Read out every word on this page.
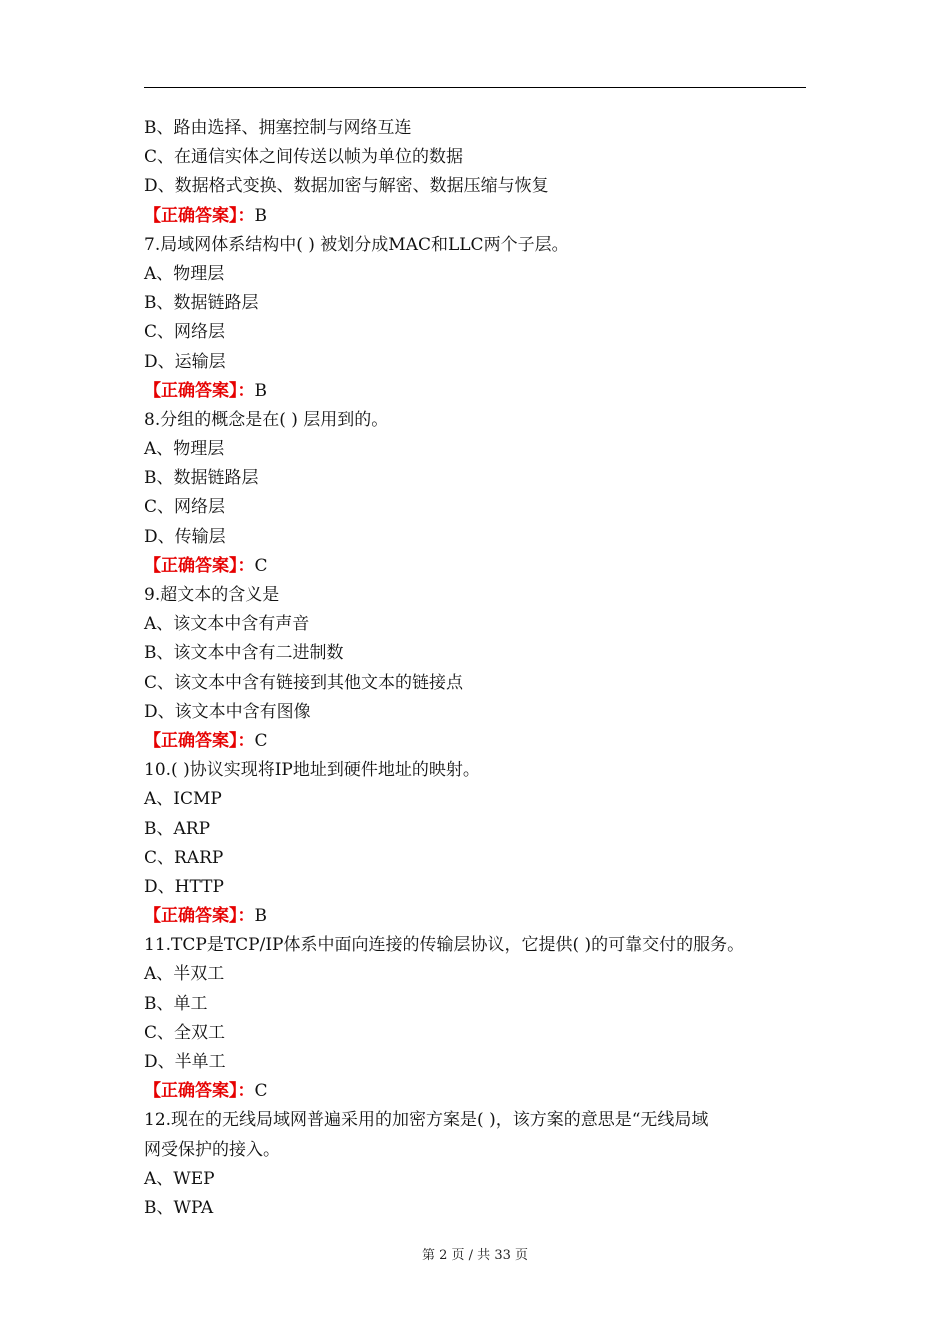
B、路由选择、拥塞控制与网络互连
C、在通信实体之间传送以帧为单位的数据
D、数据格式变换、数据加密与解密、数据压缩与恢复
【正确答案】：B
7.局域网体系结构中( ) 被划分成MAC和LLC两个子层。
A、物理层
B、数据链路层
C、网络层
D、运输层
【正确答案】：B
8.分组的概念是在( ) 层用到的。
A、物理层
B、数据链路层
C、网络层
D、传输层
【正确答案】：C
9.超文本的含义是
A、该文本中含有声音
B、该文本中含有二进制数
C、该文本中含有链接到其他文本的链接点
D、该文本中含有图像
【正确答案】：C
10.( )协议实现将IP地址到硬件地址的映射。
A、ICMP
B、ARP
C、RARP
D、HTTP
【正确答案】：B
11.TCP是TCP/IP体系中面向连接的传输层协议，它提供( )的可靠交付的服务。
A、半双工
B、单工
C、全双工
D、半单工
【正确答案】：C
12.现在的无线局域网普遍采用的加密方案是( )，该方案的意思是“无线局域
网受保护的接入。
A、WEP
B、WPA
第 2 页 / 共 33 页
